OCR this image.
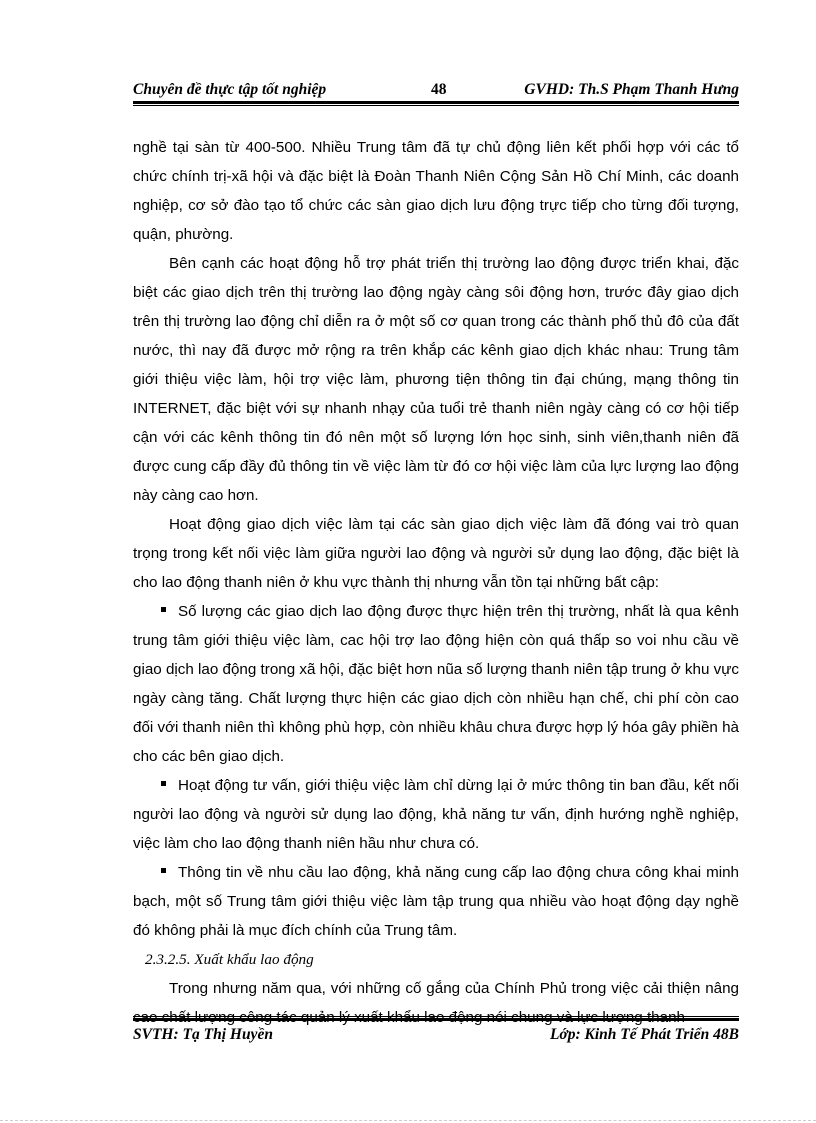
Chuyên đề thực tập tốt nghiệp	48	GVHD: Th.S Phạm Thanh Hưng

nghề tại sàn từ 400-500. Nhiều Trung tâm đã tự chủ động liên kết phối hợp với các tổ chức chính trị-xã hội và đặc biệt là Đoàn Thanh Niên Cộng Sản Hồ Chí Minh, các doanh nghiệp, cơ sở đào tạo tổ chức các sàn giao dịch lưu động trực tiếp cho từng đối tượng, quận, phường.

Bên cạnh các hoạt động hỗ trợ phát triển thị trường lao động được triển khai, đặc biệt các giao dịch trên thị trường lao động ngày càng sôi động hơn, trước đây giao dịch trên thị trường lao động chỉ diễn ra ở một số cơ quan trong các thành phố thủ đô của đất nước, thì nay đã được mở rộng ra trên khắp các kênh giao dịch khác nhau: Trung tâm giới thiệu việc làm, hội trợ việc làm, phương tiện thông tin đại chúng, mạng thông tin INTERNET, đặc biệt với sự nhanh nhạy của tuổi trẻ thanh niên ngày càng có cơ hội tiếp cận với các kênh thông tin đó nên một số lượng lớn học sinh, sinh viên,thanh niên đã được cung cấp đầy đủ thông tin về việc làm từ đó cơ hội việc làm của lực lượng lao động này càng cao hơn.

Hoạt động giao dịch việc làm tại các sàn giao dịch việc làm đã đóng vai trò quan trọng trong kết nối việc làm giữa người lao động và người sử dụng lao động, đặc biệt là cho lao động thanh niên ở khu vực thành thị nhưng vẫn tồn tại những bất cập:

Số lượng các giao dịch lao động được thực hiện trên thị trường, nhất là qua kênh trung tâm giới thiệu việc làm, cac hội trợ lao động hiện còn quá thấp so voi nhu cầu về giao dịch lao động trong xã hội, đặc biệt hơn nũa số lượng thanh niên tập trung ở khu vực ngày càng tăng. Chất lượng thực hiện các giao dịch còn nhiều hạn chế, chi phí còn cao đối với thanh niên thì không phù hợp, còn nhiều khâu chưa được hợp lý hóa gây phiền hà cho các bên giao dịch.

Hoạt động tư vấn, giới thiệu việc làm chỉ dừng lại ở mức thông tin ban đầu, kết nối người lao động và người sử dụng lao động, khả năng tư vấn, định hướng nghề nghiệp, việc làm cho lao động thanh niên hầu như chưa có.

Thông tin về nhu cầu lao động, khả năng cung cấp lao động chưa công khai minh bạch, một số Trung tâm giới thiệu việc làm tập trung qua nhiều vào hoạt động dạy nghề đó không phải là mục đích chính của Trung tâm.

2.3.2.5. Xuất khẩu lao động

Trong nhưng năm qua, với những cố gắng của Chính Phủ trong việc cải thiện nâng cao chất lượng công tác quản lý xuất khẩu lao động nói chung và lực lượng thanh

SVTH: Tạ Thị Huyền	Lớp: Kinh Tế Phát Triển 48B
